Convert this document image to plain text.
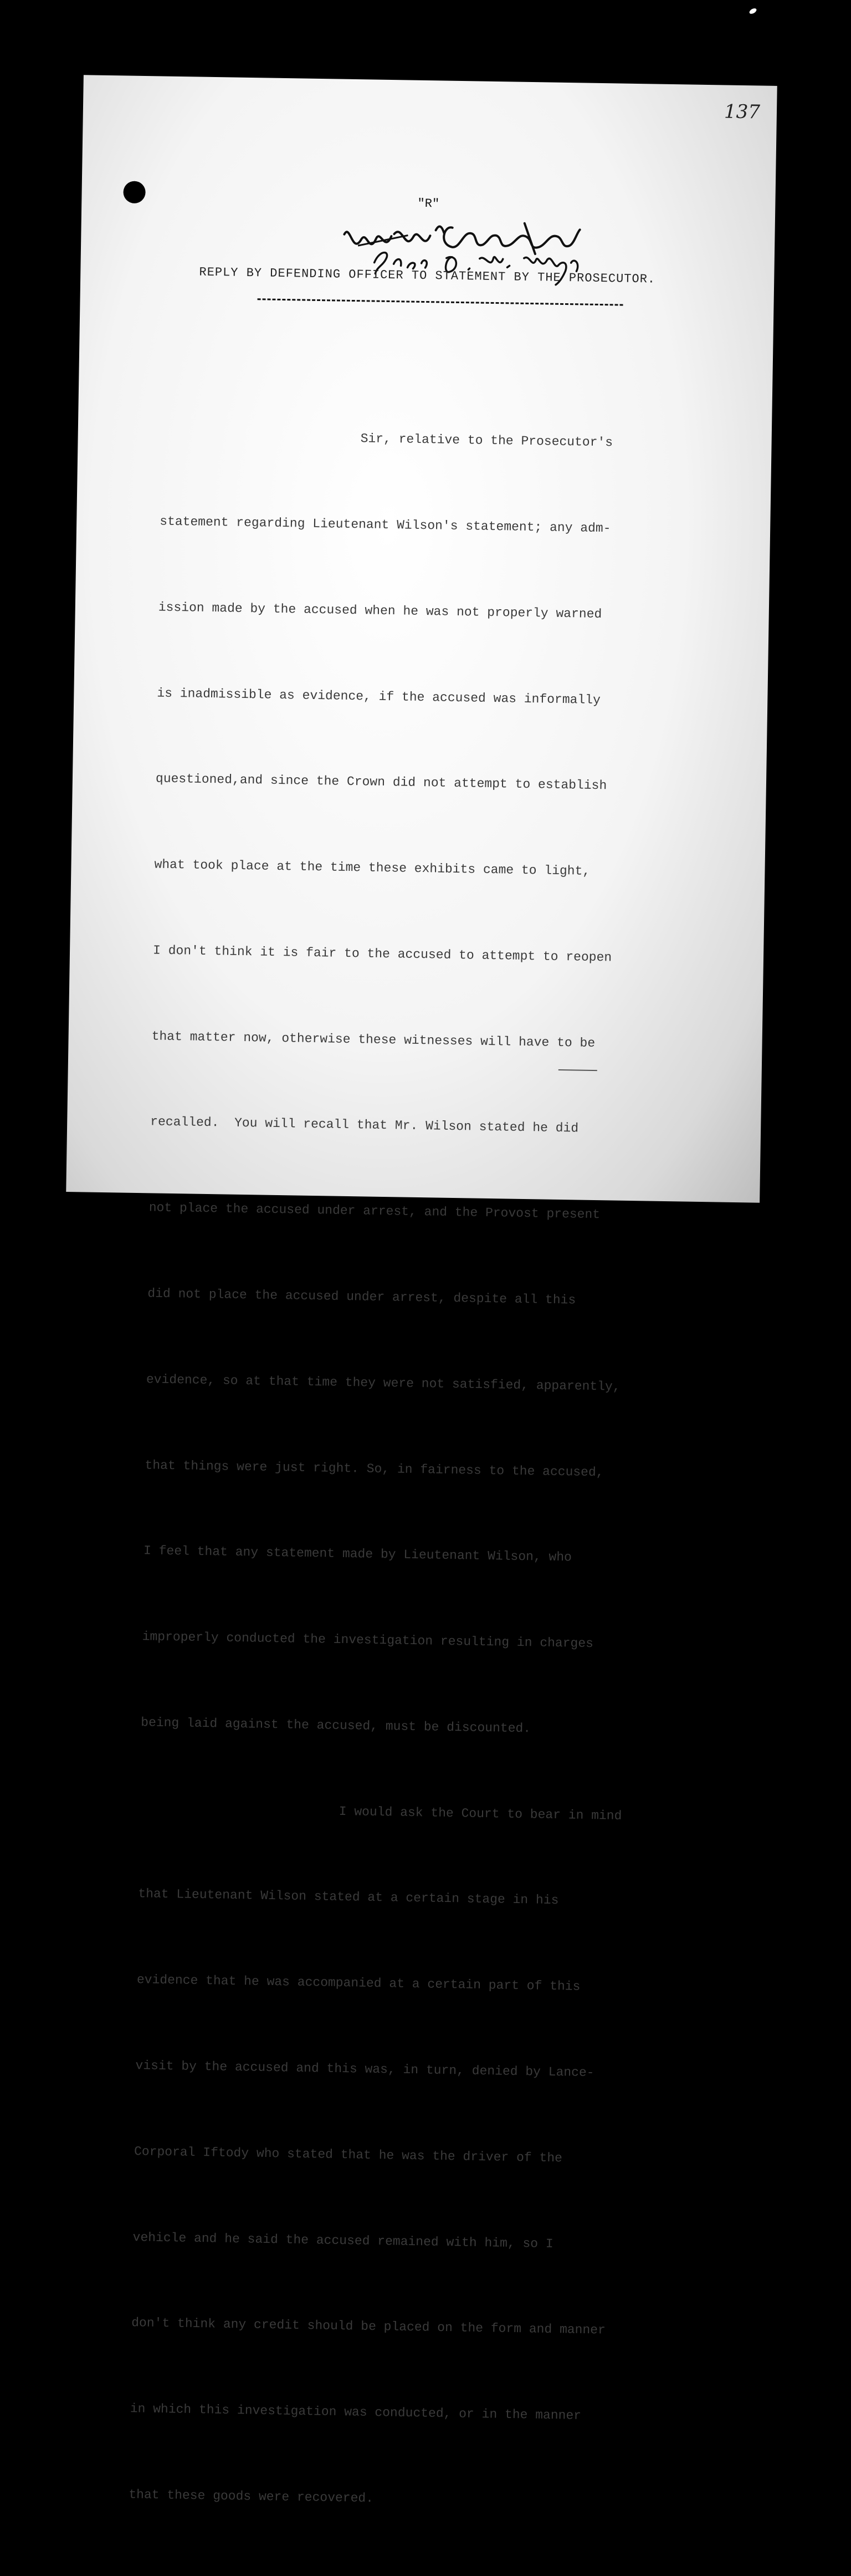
137
"R"
REPLY BY DEFENDING OFFICER TO STATEMENT BY THE PROSECUTOR.

Sir, relative to the Prosecutor's

statement regarding Lieutenant Wilson's statement; any adm-

ission made by the accused when he was not properly warned

is inadmissible as evidence, if the accused was informally

questioned,and since the Crown did not attempt to establish

what took place at the time these exhibits came to light,

I don't think it is fair to the accused to attempt to reopen

that matter now, otherwise these witnesses will have to be

recalled.  You will recall that Mr. Wilson stated he did

not place the accused under arrest, and the Provost present

did not place the accused under arrest, despite all this

evidence, so at that time they were not satisfied, apparently,

that things were just right. So, in fairness to the accused,

I feel that any statement made by Lieutenant Wilson, who

improperly conducted the investigation resulting in charges

being laid against the accused, must be discounted.

I would ask the Court to bear in mind

that Lieutenant Wilson stated at a certain stage in his

evidence that he was accompanied at a certain part of this

visit by the accused and this was, in turn, denied by Lance-

Corporal Iftody who stated that he was the driver of the

vehicle and he said the accused remained with him, so I

don't think any credit should be placed on the form and manner

in which this investigation was conducted, or in the manner

that these goods were recovered.
